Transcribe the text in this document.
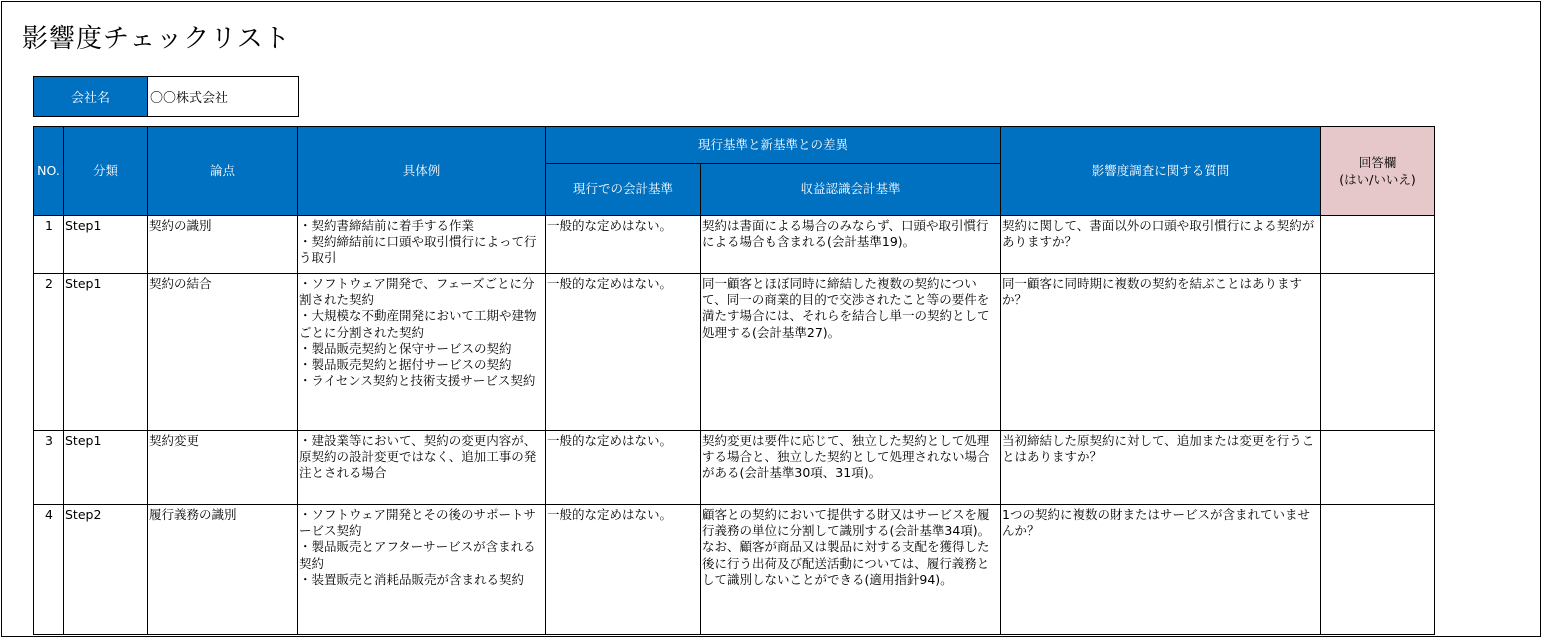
影響度チェックリスト
会社名	〇〇株式会社
NO.	分類	論点	具体例	現行基準と新基準との差異		影響度調査に関する質問	回答欄
(はい/いいえ)
				現行での会計基準	収益認識会計基準		
1	Step1	契約の識別	・契約書締結前に着手する作業
・契約締結前に口頭や取引慣行によって行う取引	一般的な定めはない。	契約は書面による場合のみならず、口頭や取引慣行による場合も含まれる(会計基準19)。	契約に関して、書面以外の口頭や取引慣行による契約がありますか？	
2	Step1	契約の結合	・ソフトウェア開発で、フェーズごとに分割された契約
・大規模な不動産開発において工期や建物ごとに分割された契約
・製品販売契約と保守サービスの契約
・製品販売契約と据付サービスの契約
・ライセンス契約と技術支援サービス契約	一般的な定めはない。	同一顧客とほぼ同時に締結した複数の契約について、同一の商業的目的で交渉されたこと等の要件を満たす場合には、それらを結合し単一の契約として処理する(会計基準27)。	同一顧客に同時期に複数の契約を結ぶことはありますか？	
3	Step1	契約変更	・建設業等において、契約の変更内容が、原契約の設計変更ではなく、追加工事の発注とされる場合	一般的な定めはない。	契約変更は要件に応じて、独立した契約として処理する場合と、独立した契約として処理されない場合がある(会計基準30項、31項)。	当初締結した原契約に対して、追加または変更を行うことはありますか？	
4	Step2	履行義務の識別	・ソフトウェア開発とその後のサポートサービス契約
・製品販売とアフターサービスが含まれる契約
・装置販売と消耗品販売が含まれる契約	一般的な定めはない。	顧客との契約において提供する財又はサービスを履行義務の単位に分割して識別する(会計基準34項)。なお、顧客が商品又は製品に対する支配を獲得した後に行う出荷及び配送活動については、履行義務として識別しないことができる(適用指針94)。	1つの契約に複数の財またはサービスが含まれていませんか？	
